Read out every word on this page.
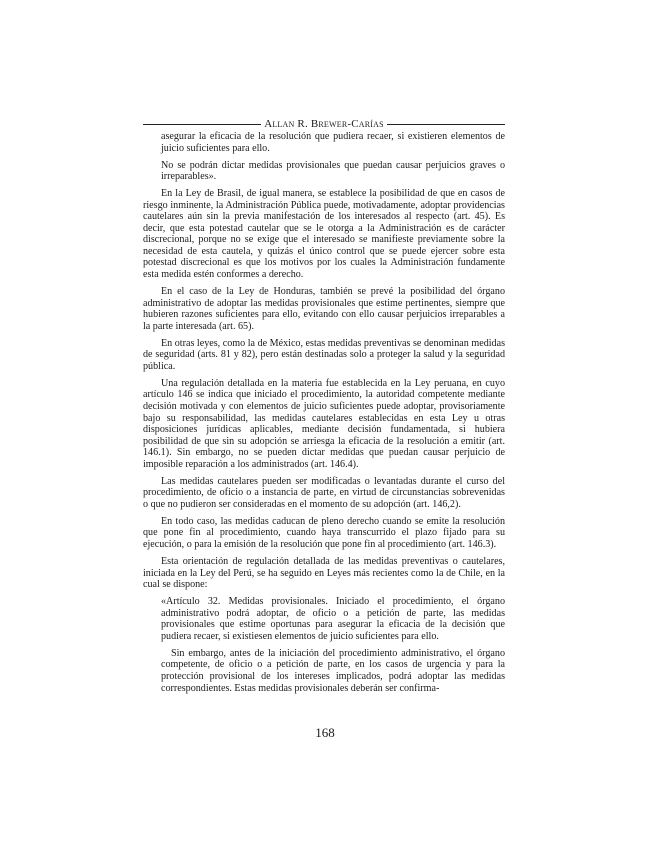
Allan R. Brewer-Carías

asegurar la eficacia de la resolución que pudiera recaer, si existieren elementos de juicio suficientes para ello.

No se podrán dictar medidas provisionales que puedan causar perjuicios graves o irreparables».

En la Ley de Brasil, de igual manera, se establece la posibilidad de que en casos de riesgo inminente, la Administración Pública puede, motivadamente, adoptar providencias cautelares aún sin la previa manifestación de los interesados al respecto (art. 45). Es decir, que esta potestad cautelar que se le otorga a la Administración es de carácter discrecional, porque no se exige que el interesado se manifieste previamente sobre la necesidad de esta cautela, y quizás el único control que se puede ejercer sobre esta potestad discrecional es que los motivos por los cuales la Administración fundamente esta medida estén conformes a derecho.

En el caso de la Ley de Honduras, también se prevé la posibilidad del órgano administrativo de adoptar las medidas provisionales que estime pertinentes, siempre que hubieren razones suficientes para ello, evitando con ello causar perjuicios irreparables a la parte interesada (art. 65).

En otras leyes, como la de México, estas medidas preventivas se denominan medidas de seguridad (arts. 81 y 82), pero están destinadas solo a proteger la salud y la seguridad pública.

Una regulación detallada en la materia fue establecida en la Ley peruana, en cuyo artículo 146 se indica que iniciado el procedimiento, la autoridad competente mediante decisión motivada y con elementos de juicio suficientes puede adoptar, provisoriamente bajo su responsabilidad, las medidas cautelares establecidas en esta Ley u otras disposiciones jurídicas aplicables, mediante decisión fundamentada, si hubiera posibilidad de que sin su adopción se arriesga la eficacia de la resolución a emitir (art. 146.1). Sin embargo, no se pueden dictar medidas que puedan causar perjuicio de imposible reparación a los administrados (art. 146.4).

Las medidas cautelares pueden ser modificadas o levantadas durante el curso del procedimiento, de oficio o a instancia de parte, en virtud de circunstancias sobrevenidas o que no pudieron ser consideradas en el momento de su adopción (art. 146,2).

En todo caso, las medidas caducan de pleno derecho cuando se emite la resolución que pone fin al procedimiento, cuando haya transcurrido el plazo fijado para su ejecución, o para la emisión de la resolución que pone fin al procedimiento (art. 146.3).

Esta orientación de regulación detallada de las medidas preventivas o cautelares, iniciada en la Ley del Perú, se ha seguido en Leyes más recientes como la de Chile, en la cual se dispone:

«Artículo 32. Medidas provisionales. Iniciado el procedimiento, el órgano administrativo podrá adoptar, de oficio o a petición de parte, las medidas provisionales que estime oportunas para asegurar la eficacia de la decisión que pudiera recaer, si existiesen elementos de juicio suficientes para ello.

Sin embargo, antes de la iniciación del procedimiento administrativo, el órgano competente, de oficio o a petición de parte, en los casos de urgencia y para la protección provisional de los intereses implicados, podrá adoptar las medidas correspondientes. Estas medidas provisionales deberán ser confirma-

168
